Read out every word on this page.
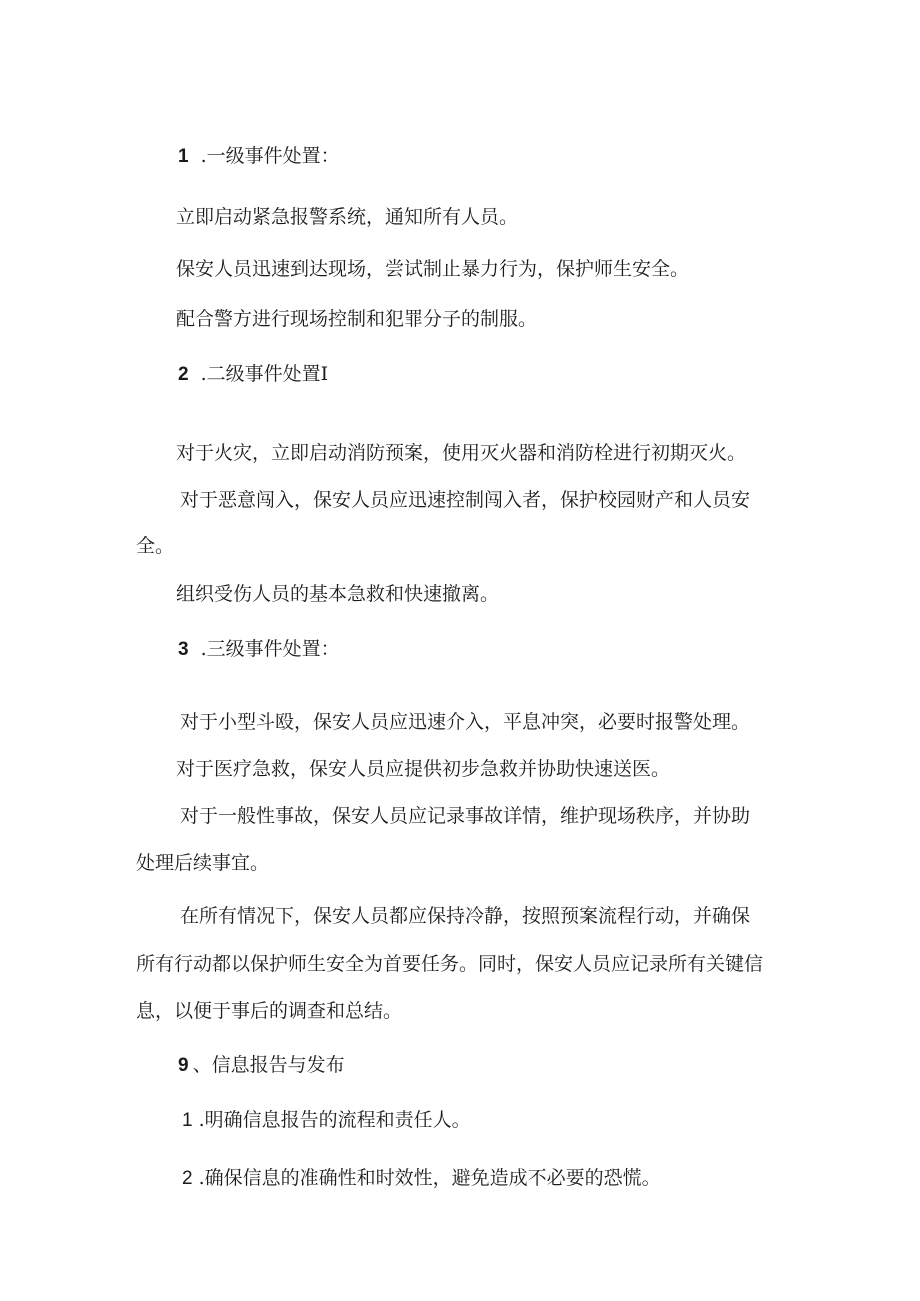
1 .一级事件处置：

立即启动紧急报警系统，通知所有人员。

保安人员迅速到达现场，尝试制止暴力行为，保护师生安全。

配合警方进行现场控制和犯罪分子的制服。

2 .二级事件处置I

对于火灾，立即启动消防预案，使用灭火器和消防栓进行初期灭火。

对于恶意闯入，保安人员应迅速控制闯入者，保护校园财产和人员安

全。

组织受伤人员的基本急救和快速撤离。

3 .三级事件处置：

对于小型斗殴，保安人员应迅速介入，平息冲突，必要时报警处理。

对于医疗急救，保安人员应提供初步急救并协助快速送医。

对于一般性事故，保安人员应记录事故详情，维护现场秩序，并协助

处理后续事宜。

在所有情况下，保安人员都应保持冷静，按照预案流程行动，并确保

所有行动都以保护师生安全为首要任务。同时，保安人员应记录所有关键信

息，以便于事后的调查和总结。

9 、信息报告与发布

1 .明确信息报告的流程和责任人。

2 .确保信息的准确性和时效性，避免造成不必要的恐慌。
